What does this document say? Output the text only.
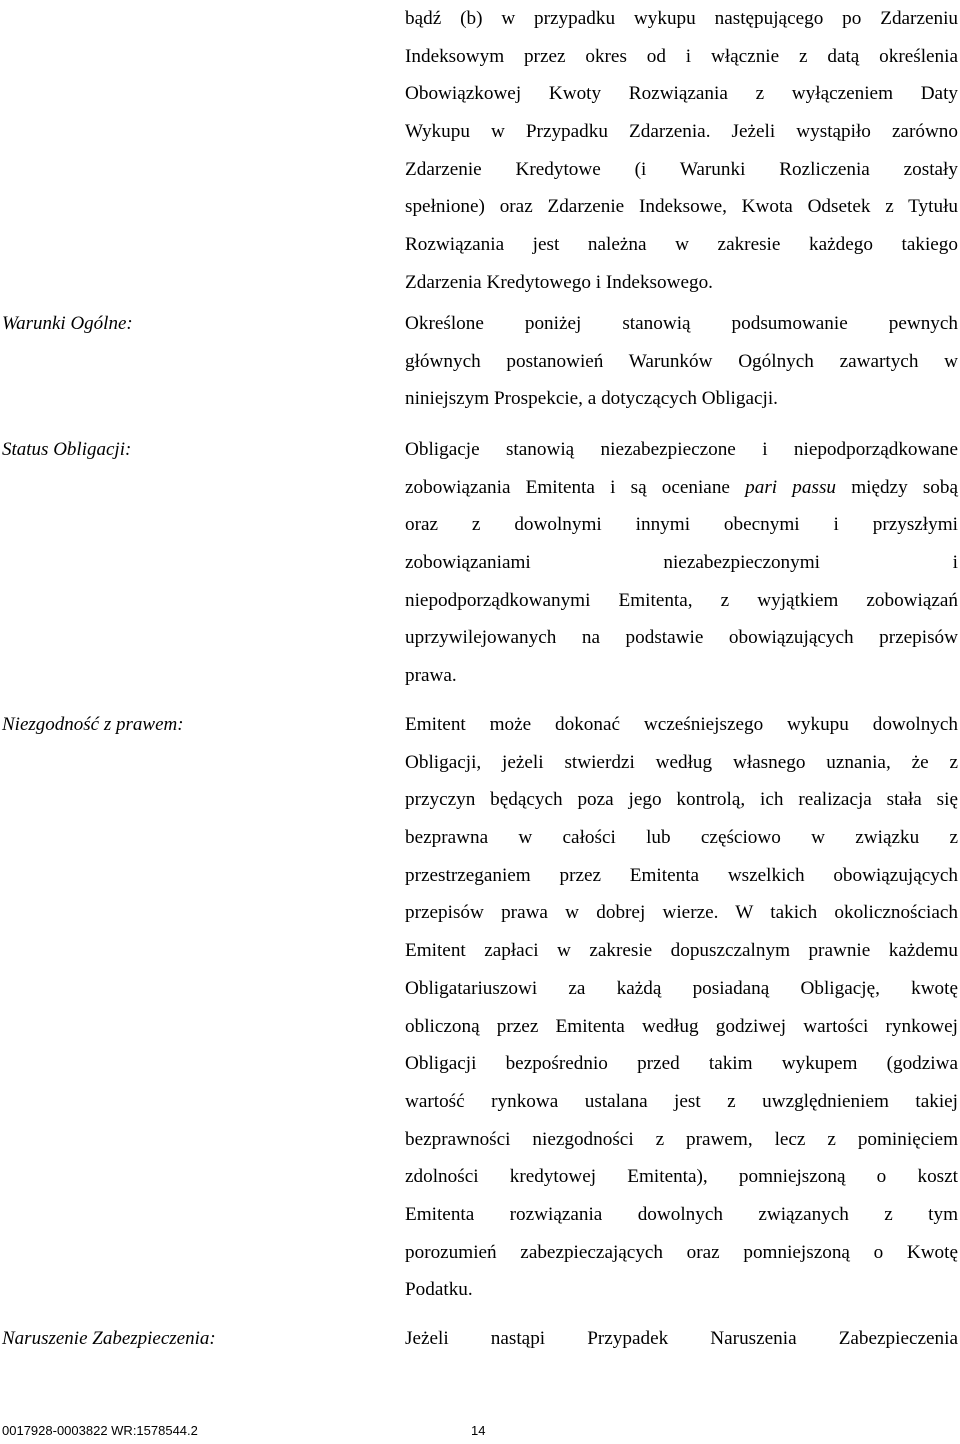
bądź (b) w przypadku wykupu następującego po Zdarzeniu
Indeksowym przez okres od i włącznie z datą określenia
Obowiązkowej Kwoty Rozwiązania z wyłączeniem Daty
Wykupu w Przypadku Zdarzenia. Jeżeli wystąpiło zarówno
Zdarzenie Kredytowe (i Warunki Rozliczenia zostały
spełnione) oraz Zdarzenie Indeksowe, Kwota Odsetek z Tytułu
Rozwiązania jest należna w zakresie każdego takiego
Zdarzenia Kredytowego i Indeksowego.
Warunki Ogólne:	Określone poniżej stanowią podsumowanie pewnych
głównych postanowień Warunków Ogólnych zawartych w
niniejszym Prospekcie, a dotyczących Obligacji.
Status Obligacji:	Obligacje stanowią niezabezpieczone i niepodporządkowane
zobowiązania Emitenta i są oceniane pari passu między sobą
oraz z dowolnymi innymi obecnymi i przyszłymi
zobowiązaniami niezabezpieczonymi i
niepodporządkowanymi Emitenta, z wyjątkiem zobowiązań
uprzywilejowanych na podstawie obowiązujących przepisów
prawa.
Niezgodność z prawem:	Emitent może dokonać wcześniejszego wykupu dowolnych
Obligacji, jeżeli stwierdzi według własnego uznania, że z
przyczyn będących poza jego kontrolą, ich realizacja stała się
bezprawna w całości lub częściowo w związku z
przestrzeganiem przez Emitenta wszelkich obowiązujących
przepisów prawa w dobrej wierze. W takich okolicznościach
Emitent zapłaci w zakresie dopuszczalnym prawnie każdemu
Obligatariuszowi za każdą posiadaną Obligację, kwotę
obliczoną przez Emitenta według godziwej wartości rynkowej
Obligacji bezpośrednio przed takim wykupem (godziwa
wartość rynkowa ustalana jest z uwzględnieniem takiej
bezprawności niezgodności z prawem, lecz z pominięciem
zdolności kredytowej Emitenta), pomniejszoną o koszt
Emitenta rozwiązania dowolnych związanych z tym
porozumień zabezpieczających oraz pomniejszoną o Kwotę
Podatku.
Naruszenie Zabezpieczenia:	Jeżeli nastąpi Przypadek Naruszenia Zabezpieczenia
0017928-0003822 WR:1578544.2	14
